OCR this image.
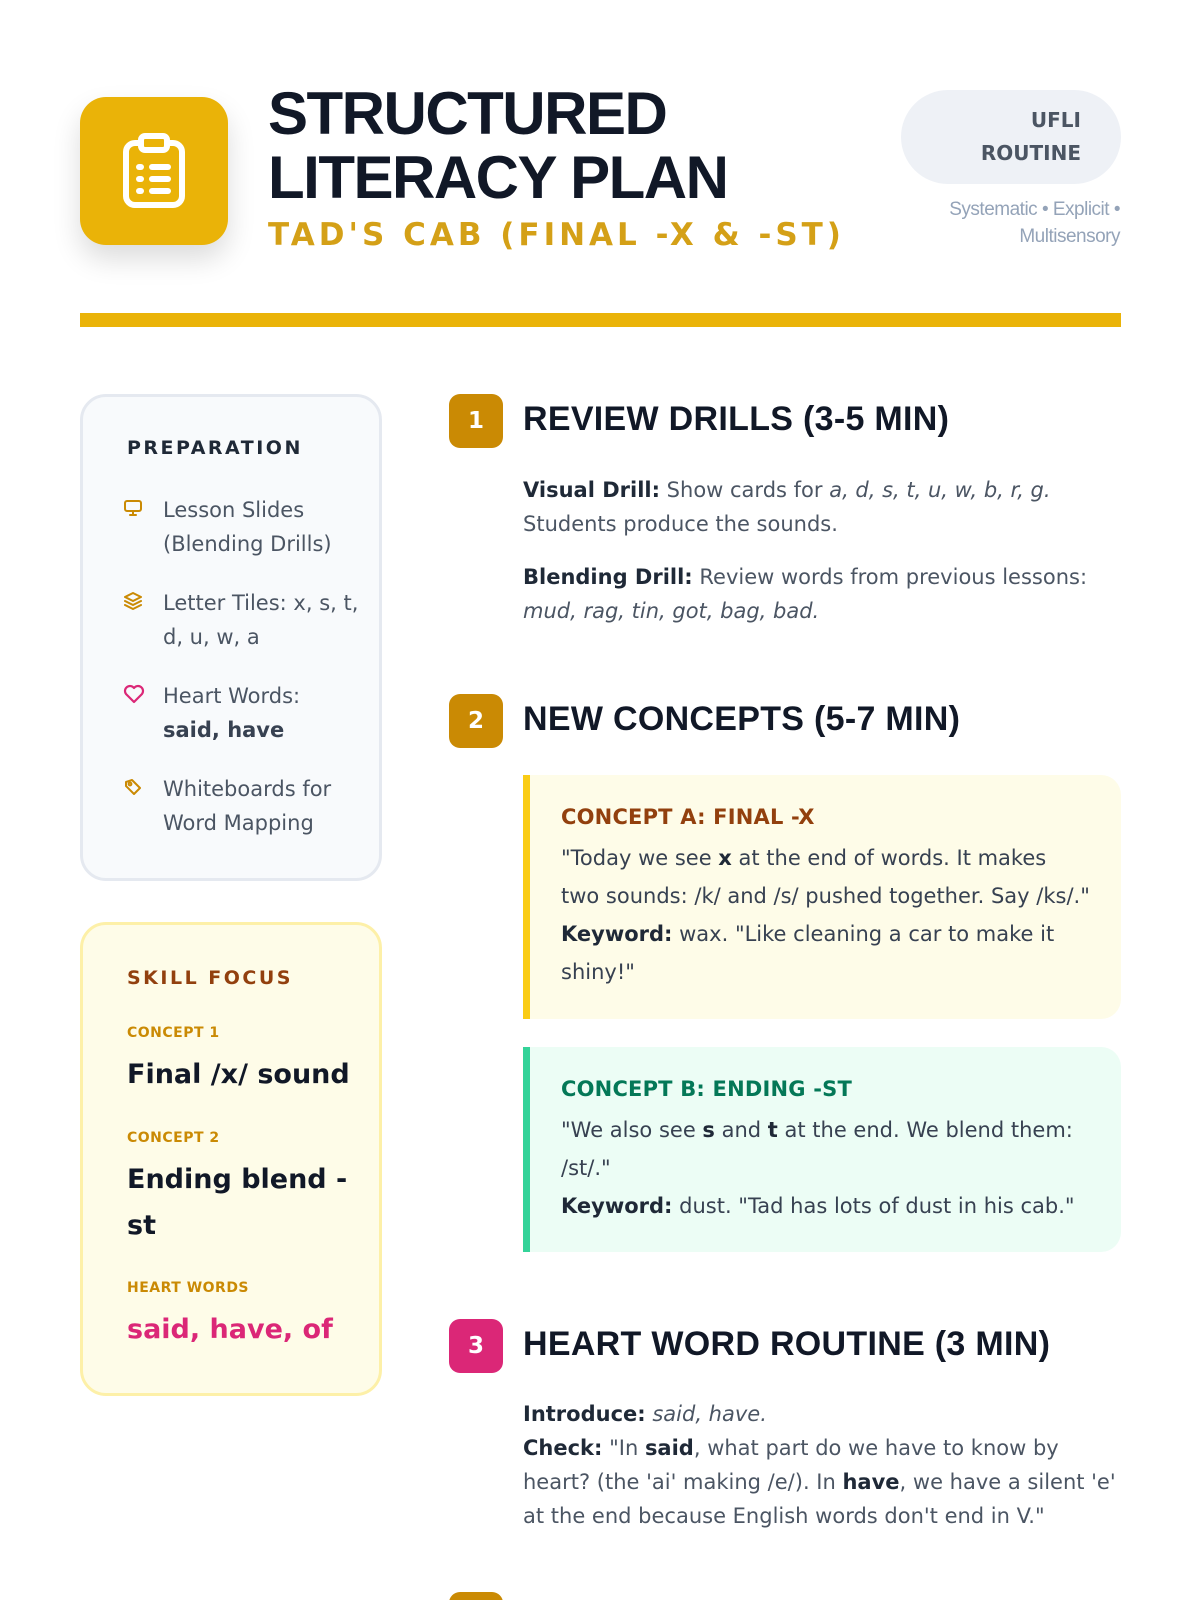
STRUCTURED
LITERACY PLAN
TAD'S CAB (FINAL -X & -ST)
UFLI
ROUTINE
Systematic • Explicit • Multisensory
PREPARATION
Lesson Slides (Blending Drills)
Letter Tiles: x, s, t, d, u, w, a
Heart Words:
said, have
Whiteboards for Word Mapping
SKILL FOCUS
CONCEPT 1
Final /x/ sound
CONCEPT 2
Ending blend -st
HEART WORDS
said, have, of
1	REVIEW DRILLS (3-5 MIN)
Visual Drill: Show cards for a, d, s, t, u, w, b, r, g. Students produce the sounds.
Blending Drill: Review words from previous lessons: mud, rag, tin, got, bag, bad.
2	NEW CONCEPTS (5-7 MIN)
CONCEPT A: FINAL -X
"Today we see x at the end of words. It makes two sounds: /k/ and /s/ pushed together. Say /ks/."
Keyword: wax. "Like cleaning a car to make it shiny!"
CONCEPT B: ENDING -ST
"We also see s and t at the end. We blend them: /st/."
Keyword: dust. "Tad has lots of dust in his cab."
3	HEART WORD ROUTINE (3 MIN)
Introduce: said, have.
Check: "In said, what part do we have to know by heart? (the 'ai' making /e/). In have, we have a silent 'e' at the end because English words don't end in V."
